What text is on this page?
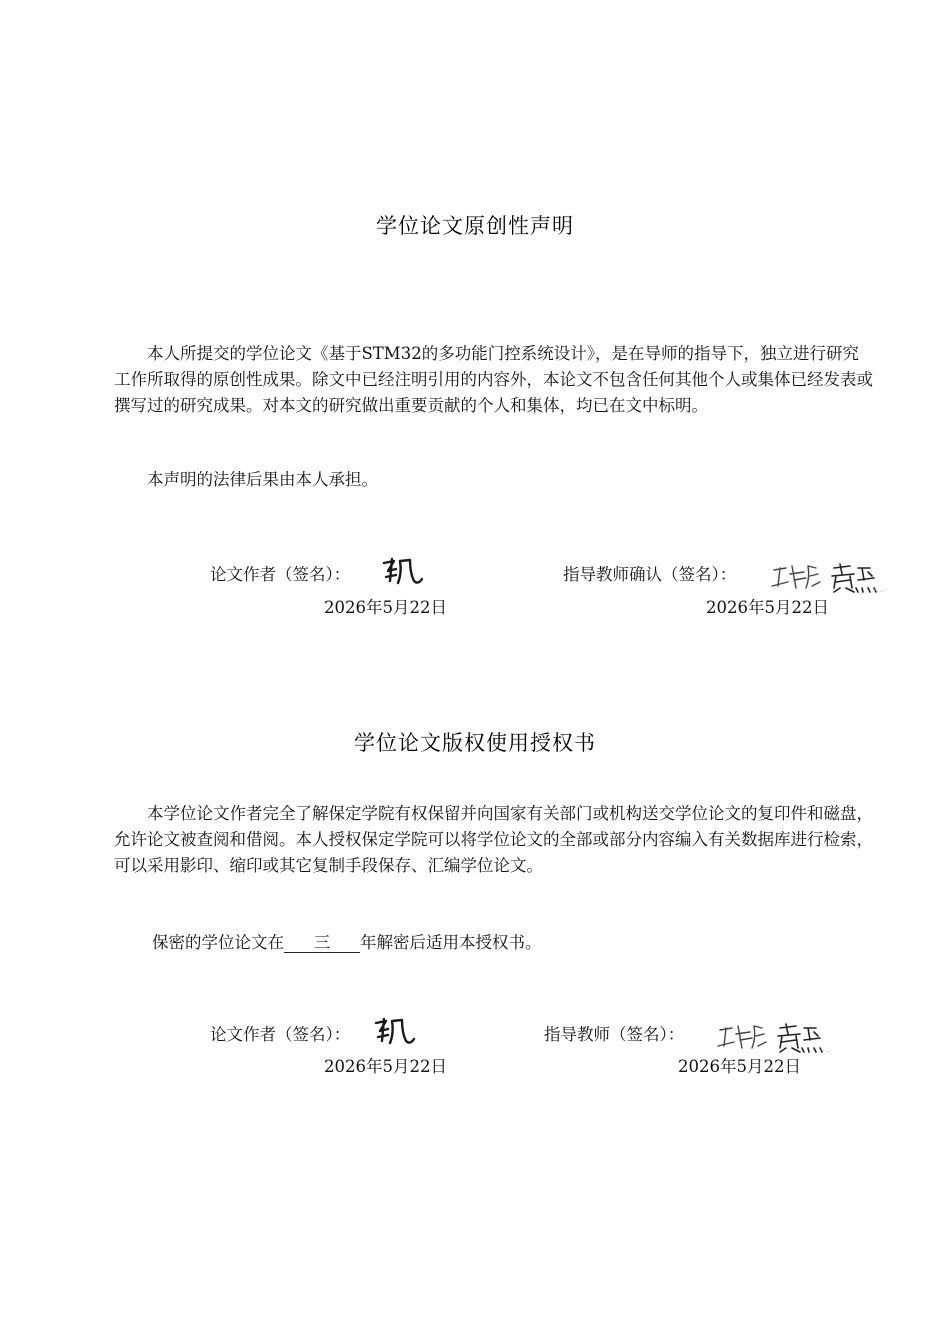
学位论文原创性声明

本人所提交的学位论文《基于STM32的多功能门控系统设计》，是在导师的指导下，独立进行研究工作所取得的原创性成果。除文中已经注明引用的内容外，本论文不包含任何其他个人或集体已经发表或撰写过的研究成果。对本文的研究做出重要贡献的个人和集体，均已在文中标明。

本声明的法律后果由本人承担。

论文作者（签名）：
2026年5月22日
指导教师确认（签名）：
2026年5月22日
学位论文版权使用授权书

本学位论文作者完全了解保定学院有权保留并向国家有关部门或机构送交学位论文的复印件和磁盘，允许论文被查阅和借阅。本人授权保定学院可以将学位论文的全部或部分内容编入有关数据库进行检索，可以采用影印、缩印或其它复制手段保存、汇编学位论文。

保密的学位论文在 三 年解密后适用本授权书。
论文作者（签名）：
2026年5月22日
指导教师（签名）：
2026年5月22日
